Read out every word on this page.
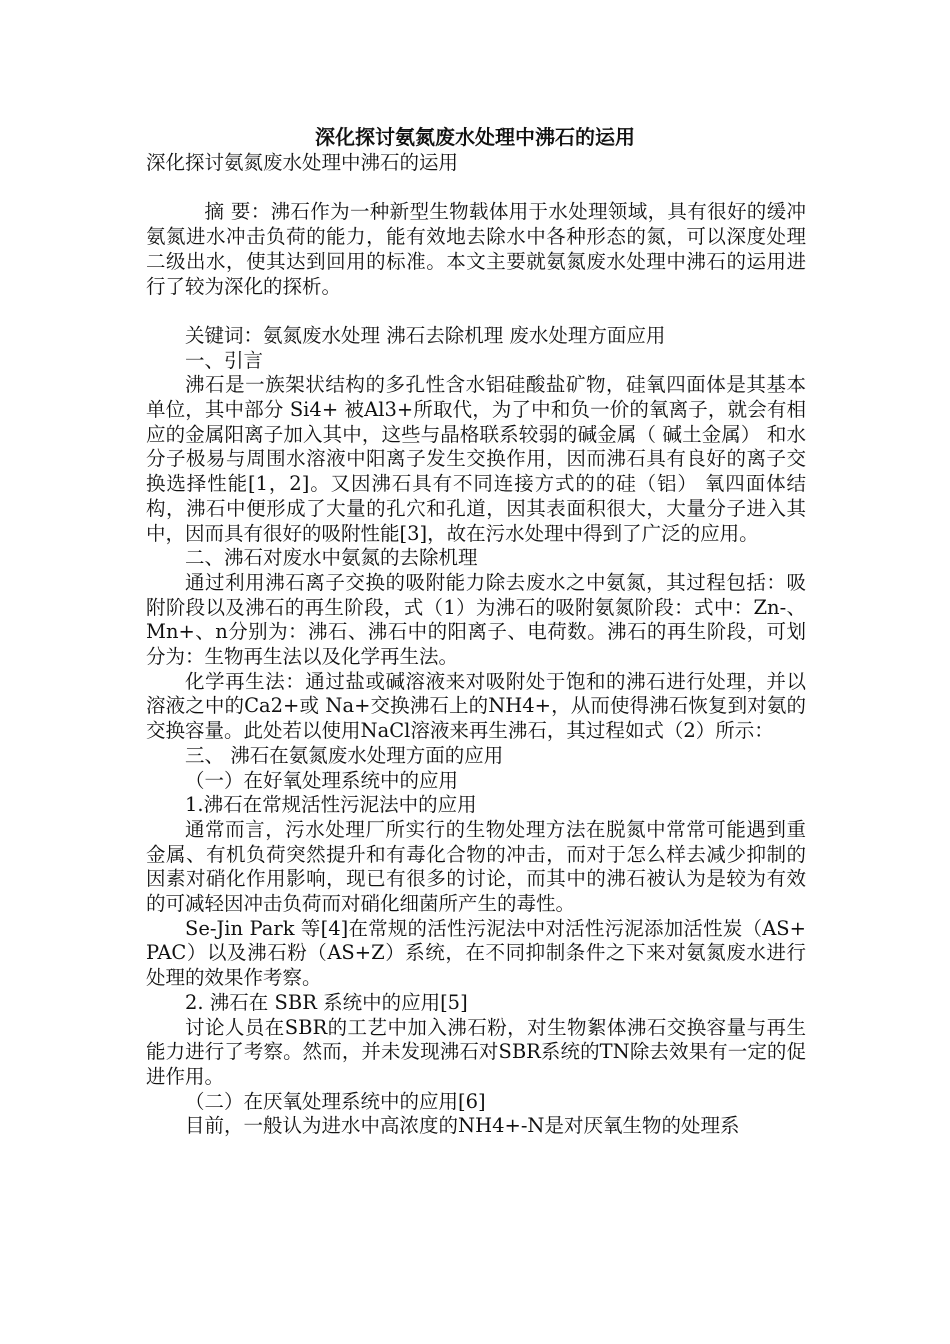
深化探讨氨氮废水处理中沸石的运用

深化探讨氨氮废水处理中沸石的运用

摘 要：沸石作为一种新型生物载体用于水处理领域，具有很好的缓冲氨氮进水冲击负荷的能力，能有效地去除水中各种形态的氮，可以深度处理二级出水，使其达到回用的标准。本文主要就氨氮废水处理中沸石的运用进行了较为深化的探析。

关键词：氨氮废水处理 沸石去除机理 废水处理方面应用

一、引言

沸石是一族架状结构的多孔性含水铝硅酸盐矿物，硅氧四面体是其基本单位，其中部分 Si4+ 被Al3+所取代，为了中和负一价的氧离子，就会有相应的金属阳离子加入其中，这些与晶格联系较弱的碱金属（ 碱土金属） 和水分子极易与周围水溶液中阳离子发生交换作用，因而沸石具有良好的离子交换选择性能[1，2]。又因沸石具有不同连接方式的的硅（铝） 氧四面体结构，沸石中便形成了大量的孔穴和孔道，因其表面积很大，大量分子进入其中，因而具有很好的吸附性能[3]，故在污水处理中得到了广泛的应用。

二、沸石对废水中氨氮的去除机理

通过利用沸石离子交换的吸附能力除去废水之中氨氮，其过程包括：吸附阶段以及沸石的再生阶段，式（1）为沸石的吸附氨氮阶段：式中：Zn-、Mn+、n分别为：沸石、沸石中的阳离子、电荷数。沸石的再生阶段，可划分为：生物再生法以及化学再生法。

化学再生法：通过盐或碱溶液来对吸附处于饱和的沸石进行处理，并以溶液之中的Ca2+或 Na+交换沸石上的NH4+，从而使得沸石恢复到对氨的交换容量。此处若以使用NaCl溶液来再生沸石，其过程如式（2）所示：

三、 沸石在氨氮废水处理方面的应用

（一）在好氧处理系统中的应用

1.沸石在常规活性污泥法中的应用

通常而言，污水处理厂所实行的生物处理方法在脱氮中常常可能遇到重金属、有机负荷突然提升和有毒化合物的冲击，而对于怎么样去减少抑制的因素对硝化作用影响，现已有很多的讨论，而其中的沸石被认为是较为有效的可减轻因冲击负荷而对硝化细菌所产生的毒性。

Se-Jin Park 等[4]在常规的活性污泥法中对活性污泥添加活性炭（AS+PAC）以及沸石粉（AS+Z）系统，在不同抑制条件之下来对氨氮废水进行处理的效果作考察。

2. 沸石在 SBR 系统中的应用[5]

讨论人员在SBR的工艺中加入沸石粉，对生物絮体沸石交换容量与再生能力进行了考察。然而，并未发现沸石对SBR系统的TN除去效果有一定的促进作用。

（二）在厌氧处理系统中的应用[6]

目前，一般认为进水中高浓度的NH4+-N是对厌氧生物的处理系
